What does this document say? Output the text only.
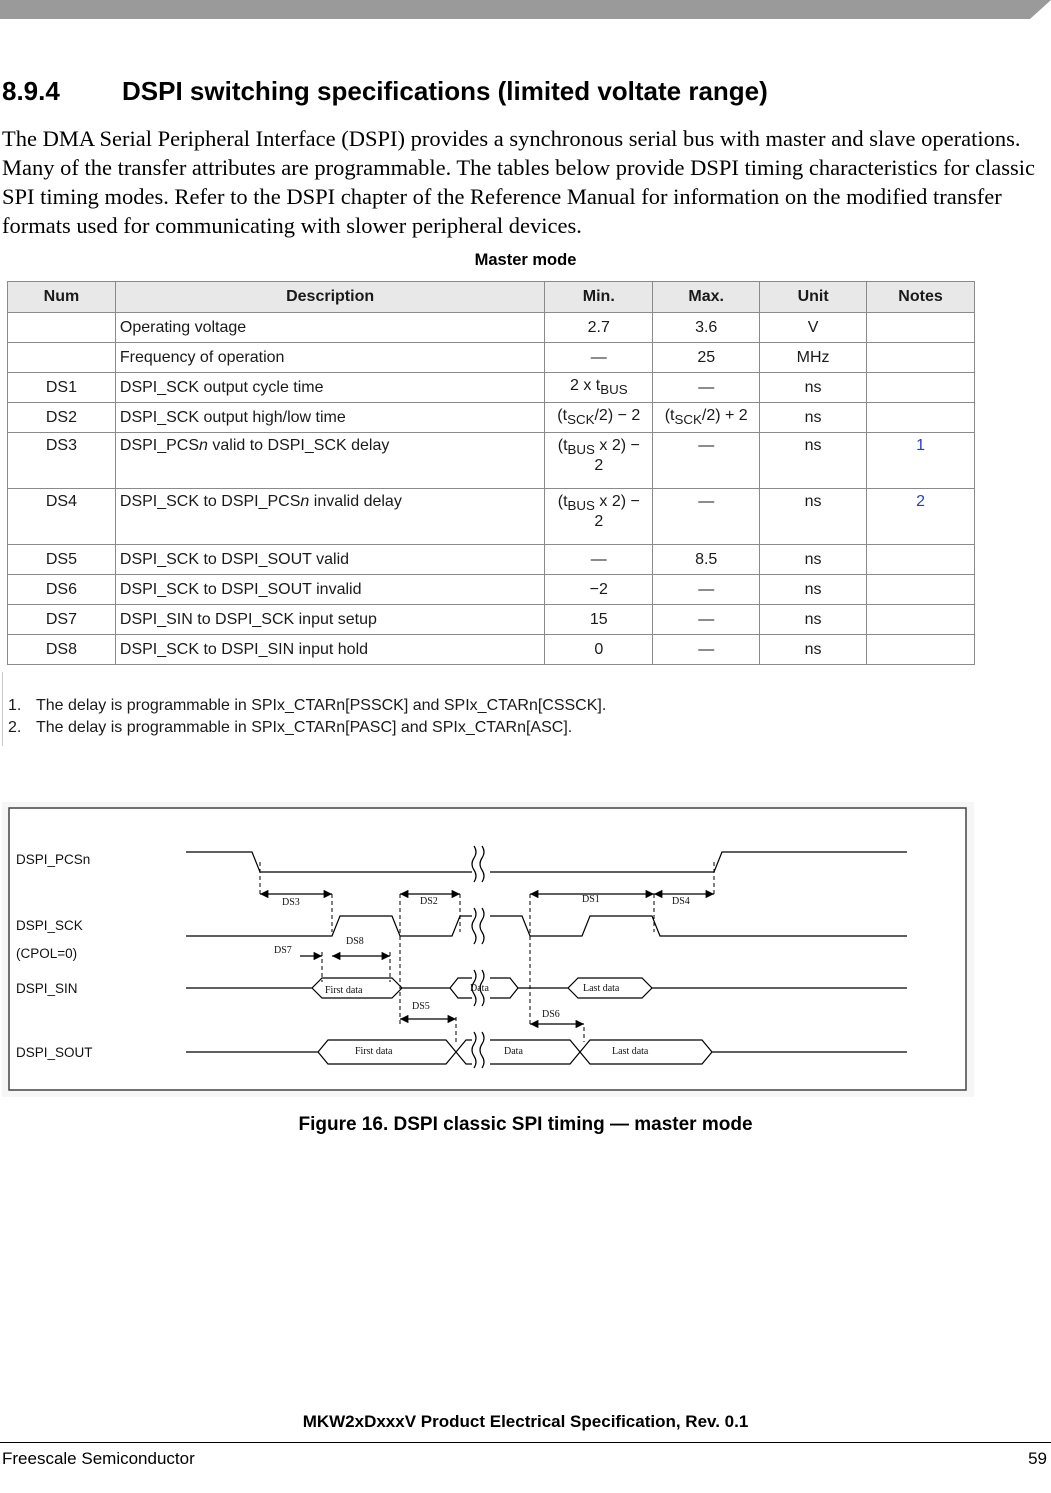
8.9.4 DSPI switching specifications (limited voltate range)

The DMA Serial Peripheral Interface (DSPI) provides a synchronous serial bus with master and slave operations. Many of the transfer attributes are programmable. The tables below provide DSPI timing characteristics for classic SPI timing modes. Refer to the DSPI chapter of the Reference Manual for information on the modified transfer formats used for communicating with slower peripheral devices.

Master mode
Num	Description	Min.	Max.	Unit	Notes
	Operating voltage	2.7	3.6	V	
	Frequency of operation	—	25	MHz	
DS1	DSPI_SCK output cycle time	2 x $t_{BUS}$	—	ns	
DS2	DSPI_SCK output high/low time	$(t_{SCK}/2) - 2$	$(t_{SCK}/2) + 2$	ns	
DS3	DSPI_PCSn valid to DSPI_SCK delay	($t_{BUS}$ x 2) −
2	—	ns	1
DS4	DSPI_SCK to DSPI_PCSn invalid delay	($t_{BUS}$ x 2) −
2	—	ns	2
DS5	DSPI_SCK to DSPI_SOUT valid	—	8.5	ns	
DS6	DSPI_SCK to DSPI_SOUT invalid	−2	—	ns	
DS7	DSPI_SIN to DSPI_SCK input setup	15	—	ns	
DS8	DSPI_SCK to DSPI_SIN input hold	0	—	ns	
1. The delay is programmable in SPIx_CTARn[PSSCK] and SPIx_CTARn[CSSCK].
2. The delay is programmable in SPIx_CTARn[PASC] and SPIx_CTARn[ASC].
DSPI_PCSn
DSPI_SCK
(CPOL=0)
DSPI_SIN
DSPI_SOUT
DS3	DS2	DS1	DS4
DS7
DS8
DS5
DS6
First data	Data	Last data
First data	Data	Last data
Figure 16. DSPI classic SPI timing — master mode
MKW2xDxxxV Product Electrical Specification, Rev. 0.1
Freescale Semiconductor	59
